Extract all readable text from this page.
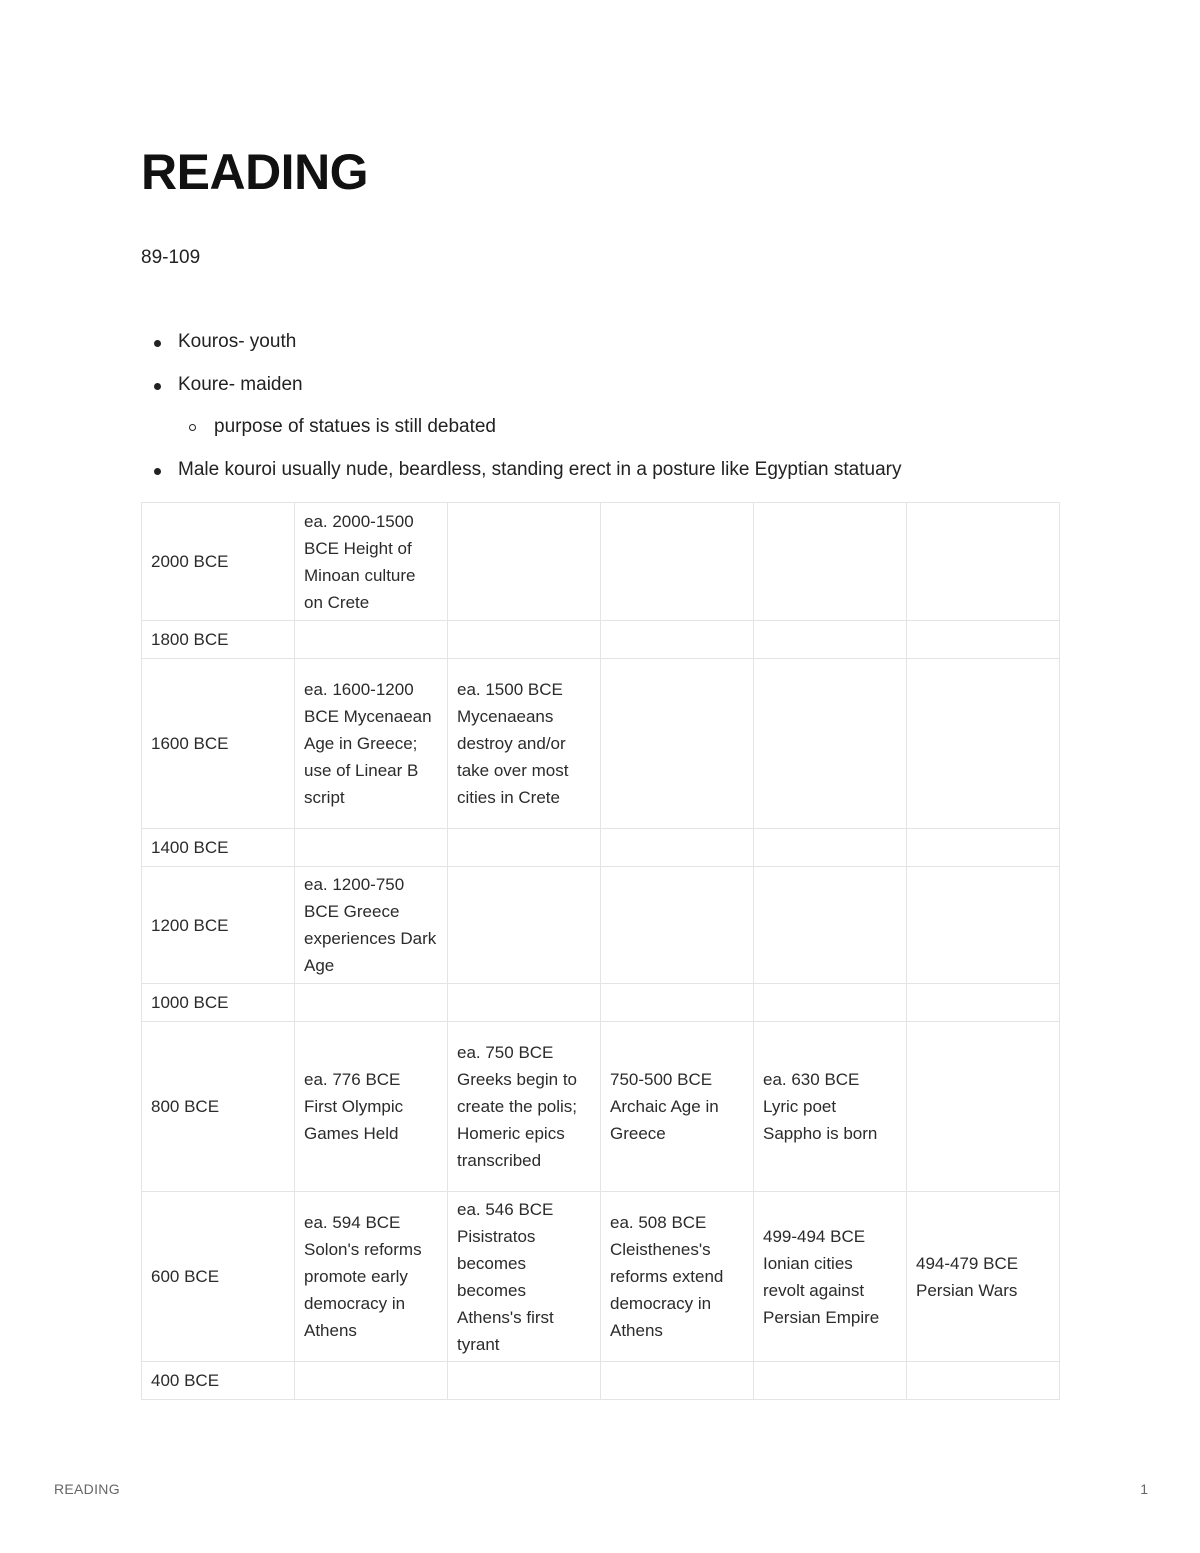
READING
89-109
Kouros- youth
Koure- maiden
purpose of statues is still debated
Male kouroi usually nude, beardless, standing erect in a posture like Egyptian statuary
2000 BCE	ea. 2000-1500 BCE Height of Minoan culture on Crete				
1800 BCE					
1600 BCE	ea. 1600-1200 BCE Mycenaean Age in Greece; use of Linear B script	ea. 1500 BCE Mycenaeans destroy and/or take over most cities in Crete			
1400 BCE					
1200 BCE	ea. 1200-750 BCE Greece experiences Dark Age				
1000 BCE					
800 BCE	ea. 776 BCE First Olympic Games Held	ea. 750 BCE Greeks begin to create the polis; Homeric epics transcribed	750-500 BCE Archaic Age in Greece	ea. 630 BCE Lyric poet Sappho is born	
600 BCE	ea. 594 BCE Solon's reforms promote early democracy in Athens	ea. 546 BCE Pisistratos becomes becomes Athens's first tyrant	ea. 508 BCE Cleisthenes's reforms extend democracy in Athens	499-494 BCE Ionian cities revolt against Persian Empire	494-479 BCE Persian Wars
400 BCE					
READING	1
